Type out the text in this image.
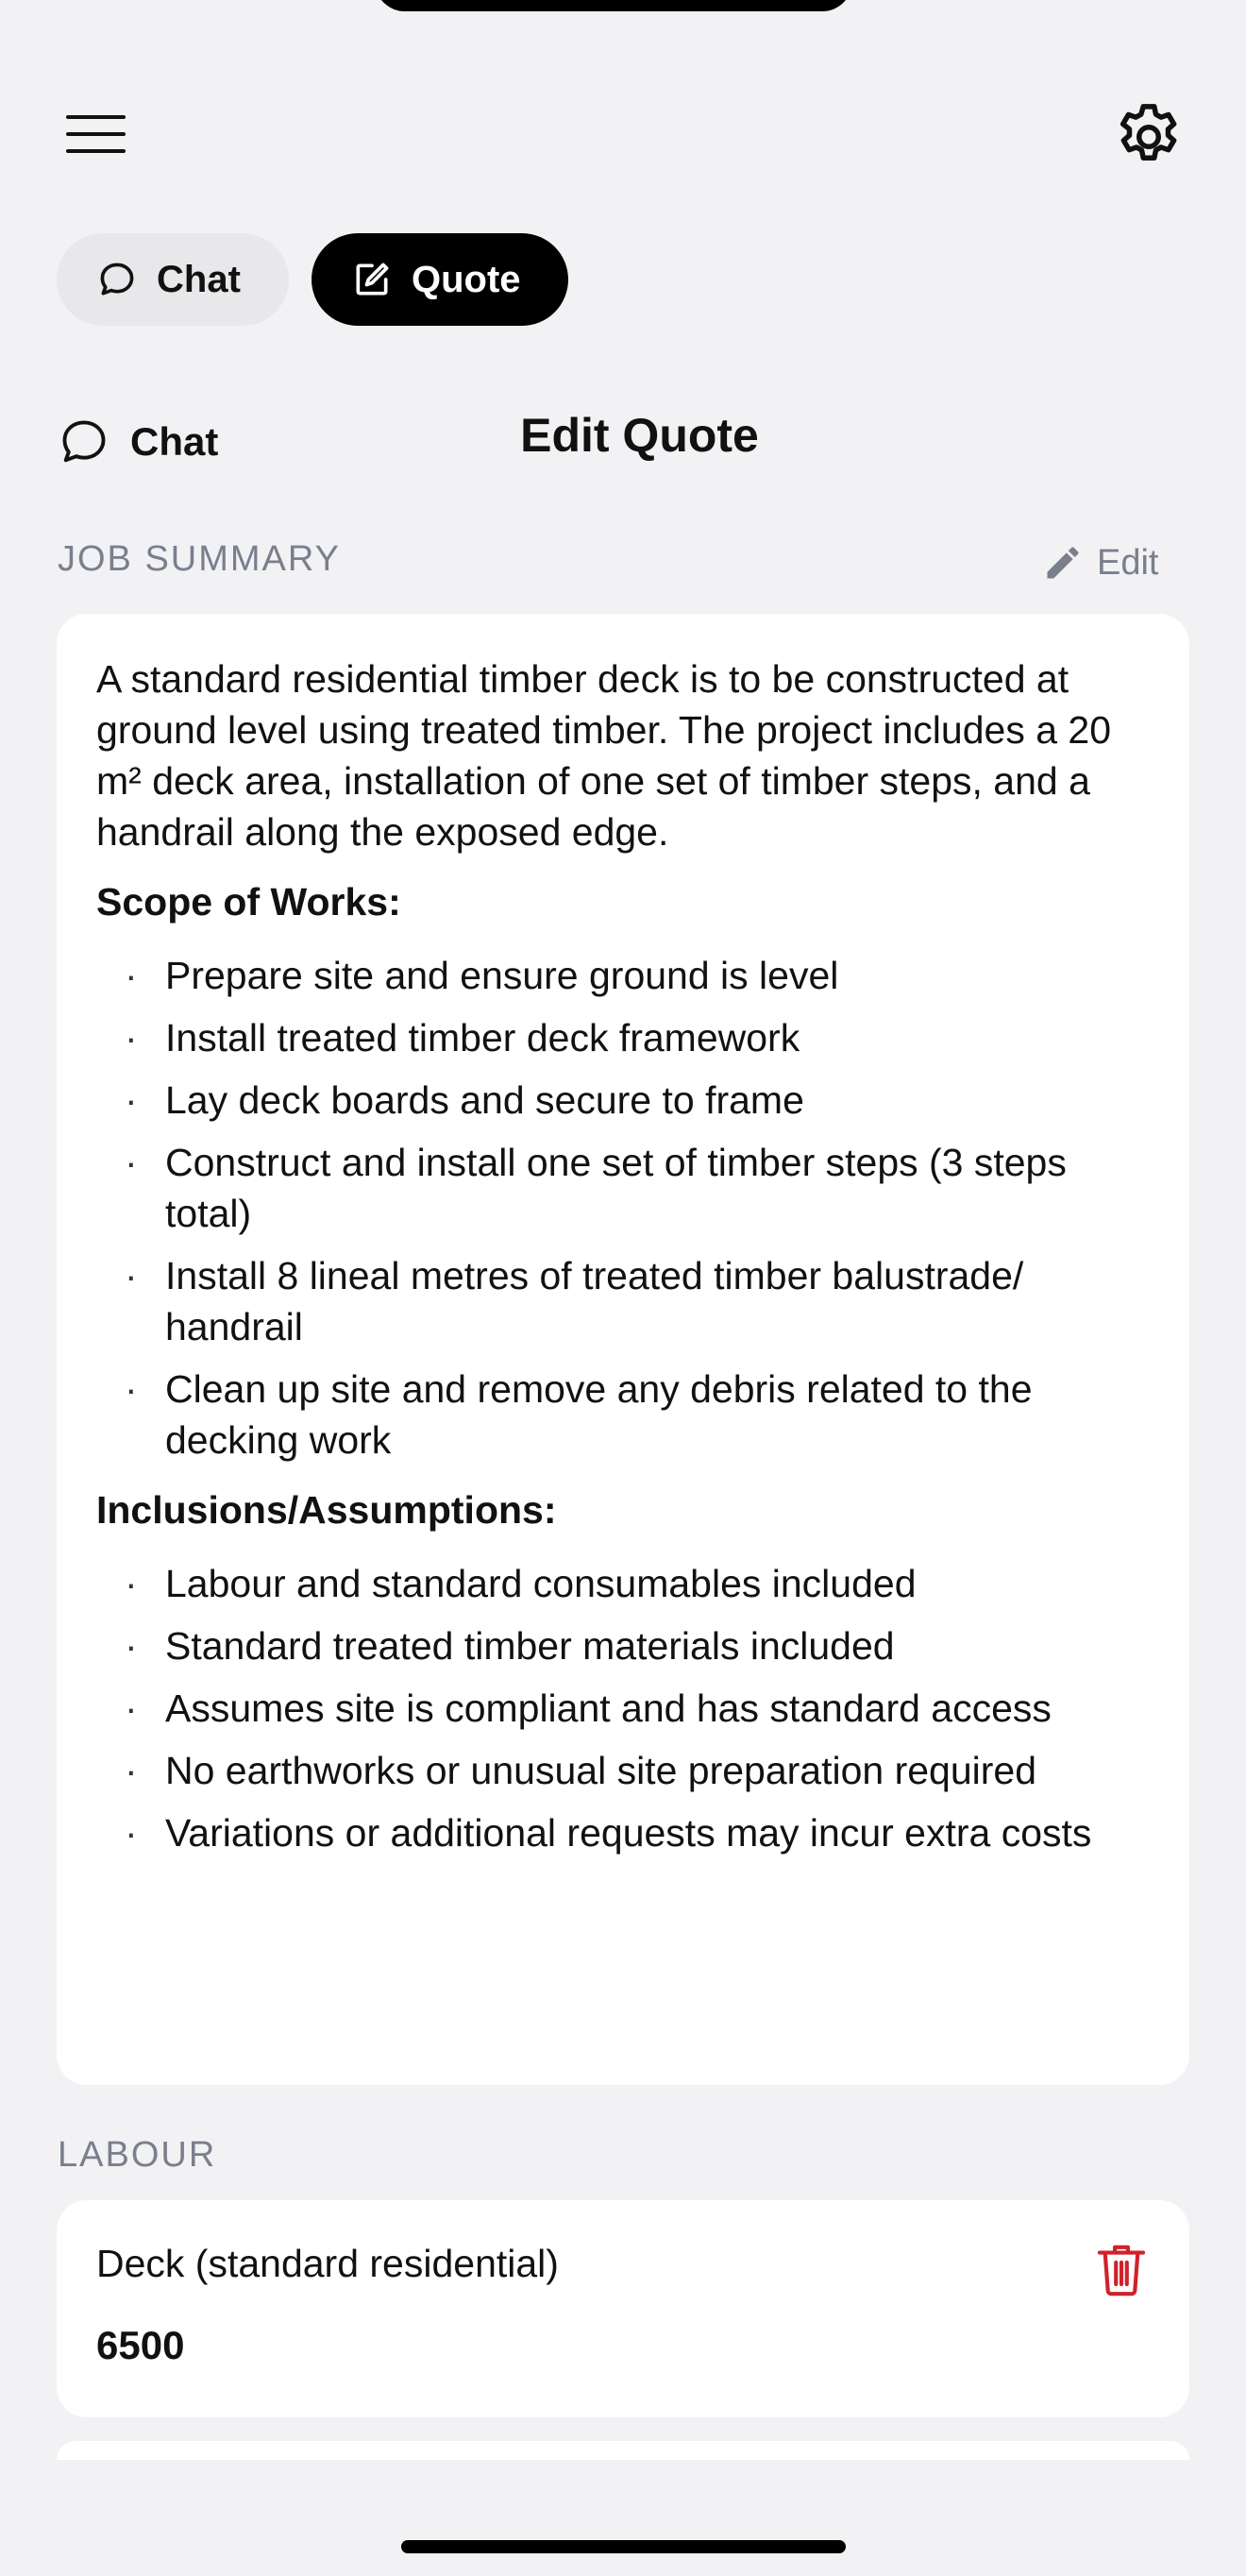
Chat	Quote
Chat	Edit Quote
JOB SUMMARY	Edit

A standard residential timber deck is to be constructed at ground level using treated timber. The project includes a 20 m² deck area, installation of one set of timber steps, and a handrail along the exposed edge.

Scope of Works:
· Prepare site and ensure ground is level
· Install treated timber deck framework
· Lay deck boards and secure to frame
· Construct and install one set of timber steps (3 steps total)
· Install 8 lineal metres of treated timber balustrade/ handrail
· Clean up site and remove any debris related to the decking work
Inclusions/Assumptions:
· Labour and standard consumables included
· Standard treated timber materials included
· Assumes site is compliant and has standard access
· No earthworks or unusual site preparation required
· Variations or additional requests may incur extra costs
LABOUR
Deck (standard residential)
6500
